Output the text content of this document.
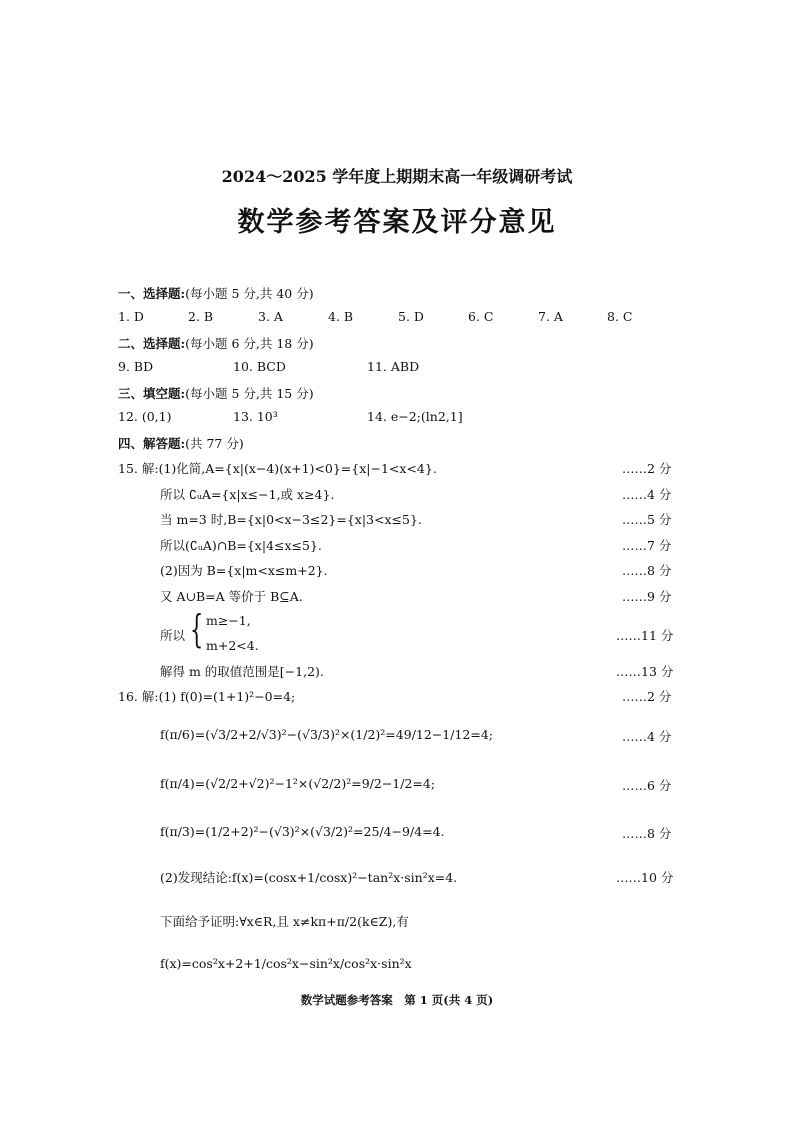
2024～2025 学年度上期期末高一年级调研考试
数学参考答案及评分意见
一、选择题:(每小题 5 分,共 40 分)
1. D	2. B	3. A	4. B	5. D	6. C	7. A	8. C
二、选择题:(每小题 6 分,共 18 分)
9. BD	10. BCD	11. ABD
三、填空题:(每小题 5 分,共 15 分)
12. (0,1)	13. 10³	14. e−2;(ln2,1]
四、解答题:(共 77 分)
15. 解:(1)化简,A={x|(x−4)(x+1)<0}={x|−1<x<4}.	……2 分
所以 ∁ᵤA={x|x≤−1,或 x≥4}.	……4 分
当 m=3 时,B={x|0<x−3≤2}={x|3<x≤5}.	……5 分
所以(∁ᵤA)∩B={x|4≤x≤5}.	……7 分
(2)因为 B={x|m<x≤m+2}.	……8 分
又 A∪B=A 等价于 B⊆A.	……9 分
所以 { m≥−1,
m+2<4.
……11 分
解得 m 的取值范围是[−1,2).	……13 分
16. 解:(1) f(0)=(1+1)²−0=4;	……2 分
f(π/6)=(√3/2+2/√3)²−(√3/3)²×(1/2)²=49/12−1/12=4;	……4 分
f(π/4)=(√2/2+√2)²−1²×(√2/2)²=9/2−1/2=4;	……6 分
f(π/3)=(1/2+2)²−(√3)²×(√3/2)²=25/4−9/4=4.	……8 分
(2)发现结论:f(x)=(cosx+1/cosx)²−tan²x·sin²x=4.	……10 分
下面给予证明:∀x∈R,且 x≠kπ+π/2(k∈Z),有
f(x)=cos²x+2+1/cos²x−sin²x/cos²x·sin²x
数学试题参考答案　第 1 页(共 4 页)
